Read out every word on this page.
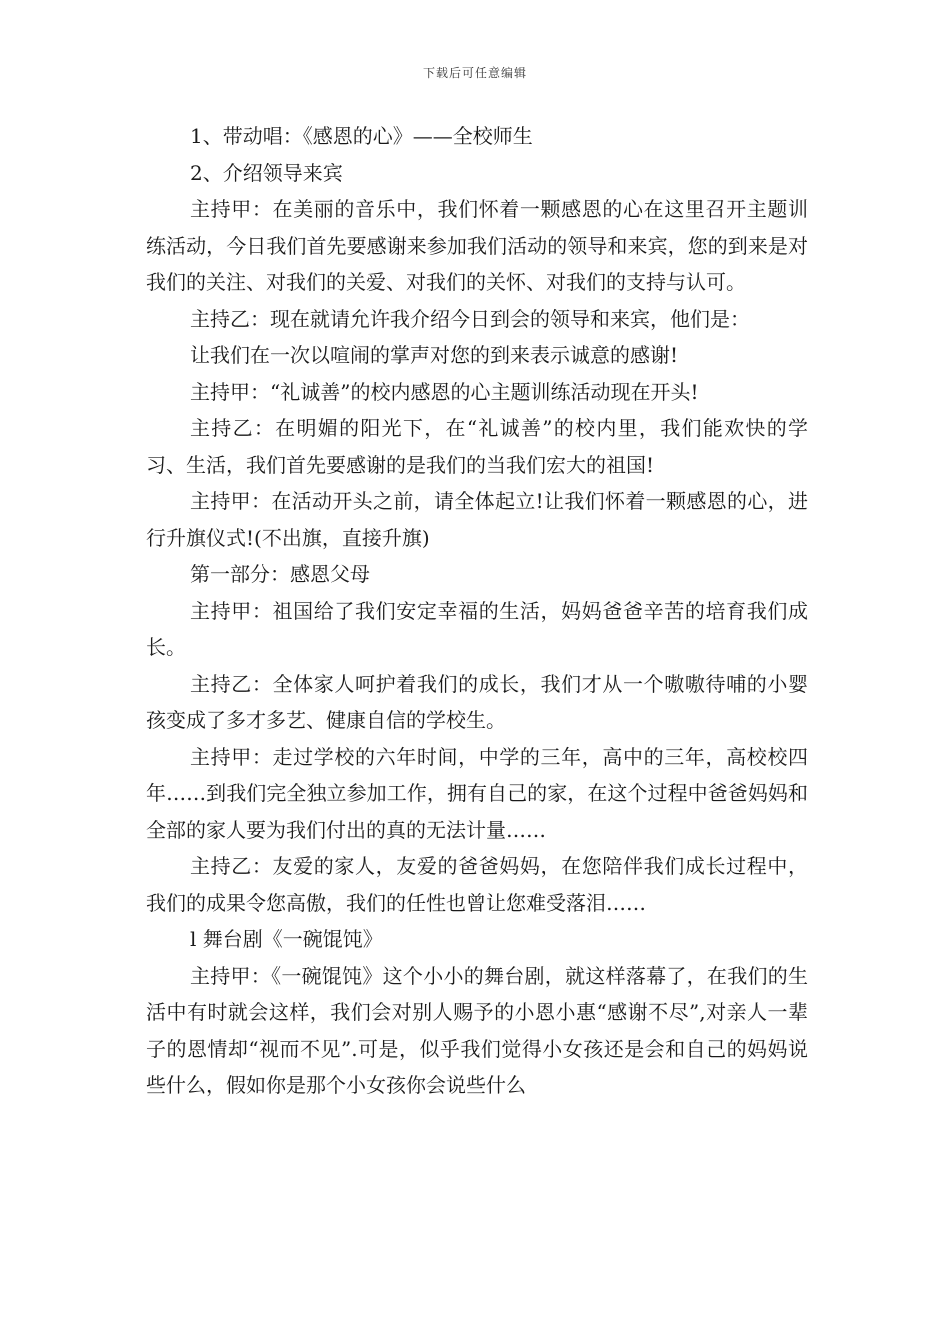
下载后可任意编辑

1、带动唱：《感恩的心》——全校师生

2、介绍领导来宾

主持甲：在美丽的音乐中，我们怀着一颗感恩的心在这里召开主题训练活动，今日我们首先要感谢来参加我们活动的领导和来宾，您的到来是对我们的关注、对我们的关爱、对我们的关怀、对我们的支持与认可。

主持乙：现在就请允许我介绍今日到会的领导和来宾，他们是：

让我们在一次以喧闹的掌声对您的到来表示诚意的感谢!

主持甲：“礼诚善”的校内感恩的心主题训练活动现在开头!

主持乙：在明媚的阳光下，在“礼诚善”的校内里，我们能欢快的学习、生活，我们首先要感谢的是我们的当我们宏大的祖国!

主持甲：在活动开头之前，请全体起立!让我们怀着一颗感恩的心，进行升旗仪式!(不出旗，直接升旗)

第一部分：感恩父母

主持甲：祖国给了我们安定幸福的生活，妈妈爸爸辛苦的培育我们成长。

主持乙：全体家人呵护着我们的成长，我们才从一个嗷嗷待哺的小婴孩变成了多才多艺、健康自信的学校生。

主持甲：走过学校的六年时间，中学的三年，高中的三年，高校校四年……到我们完全独立参加工作，拥有自己的家，在这个过程中爸爸妈妈和全部的家人要为我们付出的真的无法计量……

主持乙：友爱的家人，友爱的爸爸妈妈，在您陪伴我们成长过程中，我们的成果令您高傲，我们的任性也曾让您难受落泪……

l 舞台剧《一碗馄饨》

主持甲：《一碗馄饨》这个小小的舞台剧，就这样落幕了，在我们的生活中有时就会这样，我们会对别人赐予的小恩小惠“感谢不尽”,对亲人一辈子的恩情却“视而不见”.可是，似乎我们觉得小女孩还是会和自己的妈妈说些什么，假如你是那个小女孩你会说些什么
